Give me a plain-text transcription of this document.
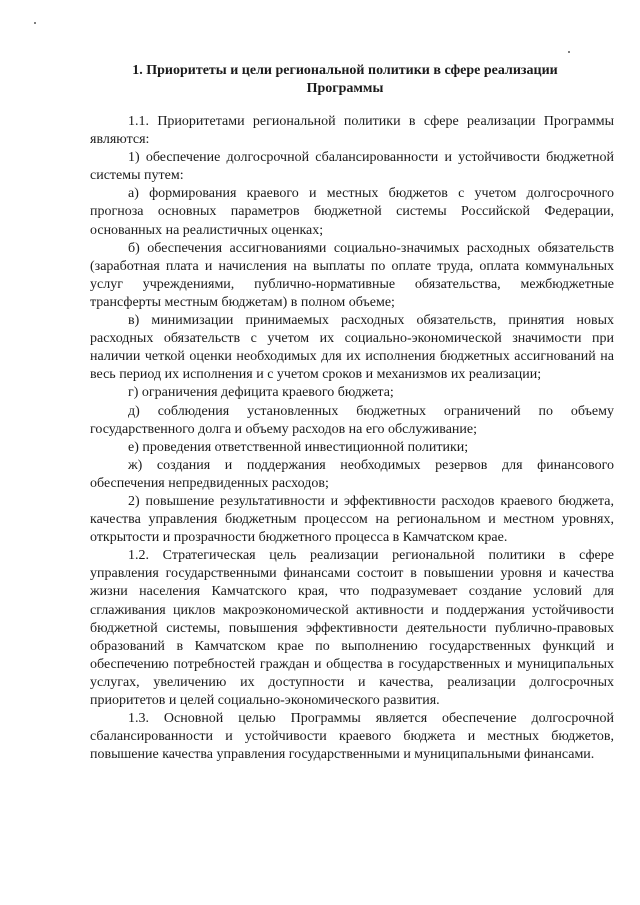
1. Приоритеты и цели региональной политики в сфере реализации
Программы

1.1. Приоритетами региональной политики в сфере реализации Программы являются:

1) обеспечение долгосрочной сбалансированности и устойчивости бюджетной системы путем:

а) формирования краевого и местных бюджетов с учетом долгосрочного прогноза основных параметров бюджетной системы Российской Федерации, основанных на реалистичных оценках;

б) обеспечения ассигнованиями социально-значимых расходных обязательств (заработная плата и начисления на выплаты по оплате труда, оплата коммунальных услуг учреждениями, публично-нормативные обязательства, межбюджетные трансферты местным бюджетам) в полном объеме;

в) минимизации принимаемых расходных обязательств, принятия новых расходных обязательств с учетом их социально-экономической значимости при наличии четкой оценки необходимых для их исполнения бюджетных ассигнований на весь период их исполнения и с учетом сроков и механизмов их реализации;

г) ограничения дефицита краевого бюджета;

д) соблюдения установленных бюджетных ограничений по объему государственного долга и объему расходов на его обслуживание;

е) проведения ответственной инвестиционной политики;

ж) создания и поддержания необходимых резервов для финансового обеспечения непредвиденных расходов;

2) повышение результативности и эффективности расходов краевого бюджета, качества управления бюджетным процессом на региональном и местном уровнях, открытости и прозрачности бюджетного процесса в Камчатском крае.

1.2. Стратегическая цель реализации региональной политики в сфере управления государственными финансами состоит в повышении уровня и качества жизни населения Камчатского края, что подразумевает создание условий для сглаживания циклов макроэкономической активности и поддержания устойчивости бюджетной системы, повышения эффективности деятельности публично-правовых образований в Камчатском крае по выполнению государственных функций и обеспечению потребностей граждан и общества в государственных и муниципальных услугах, увеличению их доступности и качества, реализации долгосрочных приоритетов и целей социально-экономического развития.

1.3. Основной целью Программы является обеспечение долгосрочной сбалансированности и устойчивости краевого бюджета и местных бюджетов, повышение качества управления государственными и муниципальными финансами.
